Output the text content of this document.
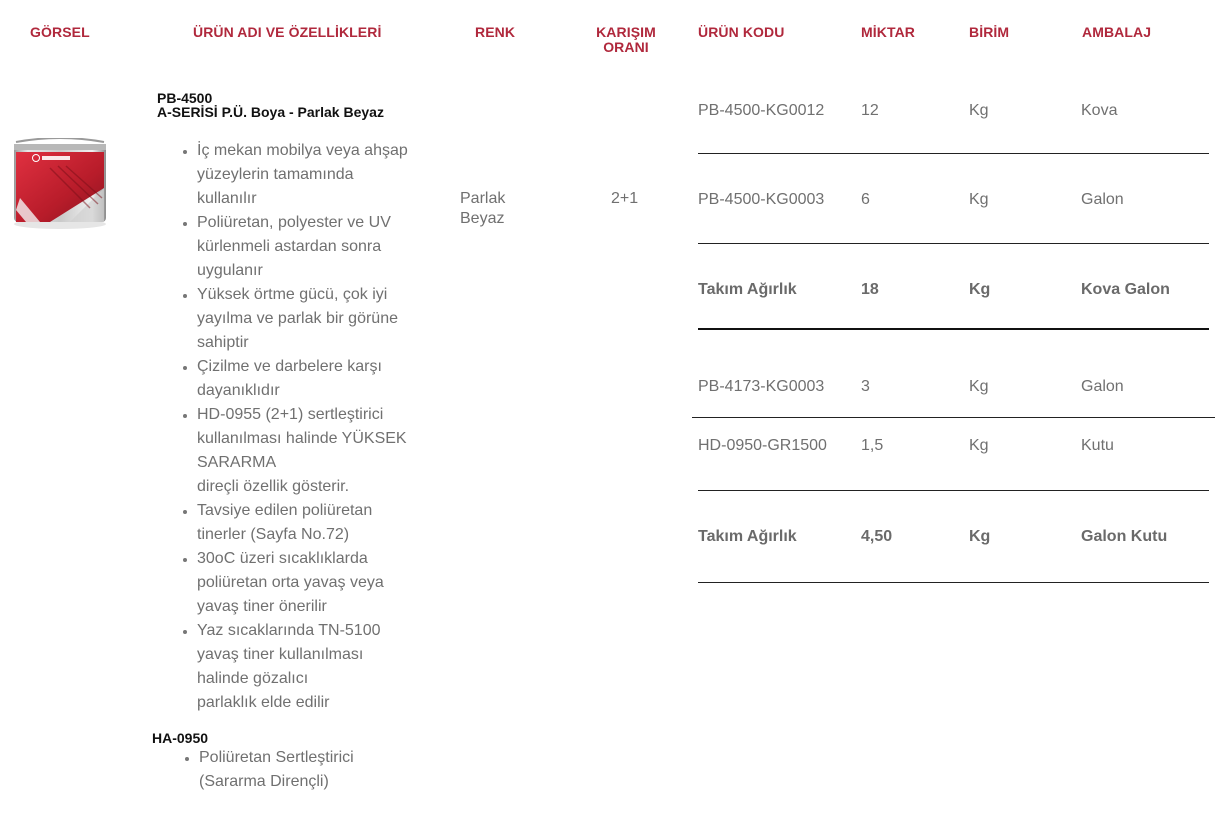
GÖRSEL	ÜRÜN ADI VE ÖZELLİKLERİ	RENK	KARIŞIM
ORANI
ÜRÜN KODU	MİKTAR	BİRİM	AMBALAJ
PB-4500
A-SERİSİ P.Ü. Boya - Parlak Beyaz
• İç mekan mobilya veya ahşap
yüzeylerin tamamında
kullanılır
• Poliüretan, polyester ve UV
kürlenmeli astardan sonra
uygulanır
• Yüksek örtme gücü, çok iyi
yayılma ve parlak bir görüne
sahiptir
• Çizilme ve darbelere karşı
dayanıklıdır
• HD-0955 (2+1) sertleştirici
kullanılması halinde YÜKSEK
SARARMA
direçli özellik gösterir.
• Tavsiye edilen poliüretan
tinerler (Sayfa No.72)
• 30oC üzeri sıcaklıklarda
poliüretan orta yavaş veya
yavaş tiner önerilir
• Yaz sıcaklarında TN-5100
yavaş tiner kullanılması
halinde gözalıcı
parlaklık elde edilir
HA-0950
• Poliüretan Sertleştirici
(Sararma Dirençli)
Parlak
Beyaz
2+1
PB-4500-KG0012 12	Kg	Kova
PB-4500-KG0003 6	Kg	Galon
Takım Ağırlık	18	Kg	Kova Galon
PB-4173-KG0003 3	Kg	Galon
HD-0950-GR1500 1,5	Kg	Kutu
Takım Ağırlık	4,50	Kg	Galon Kutu
